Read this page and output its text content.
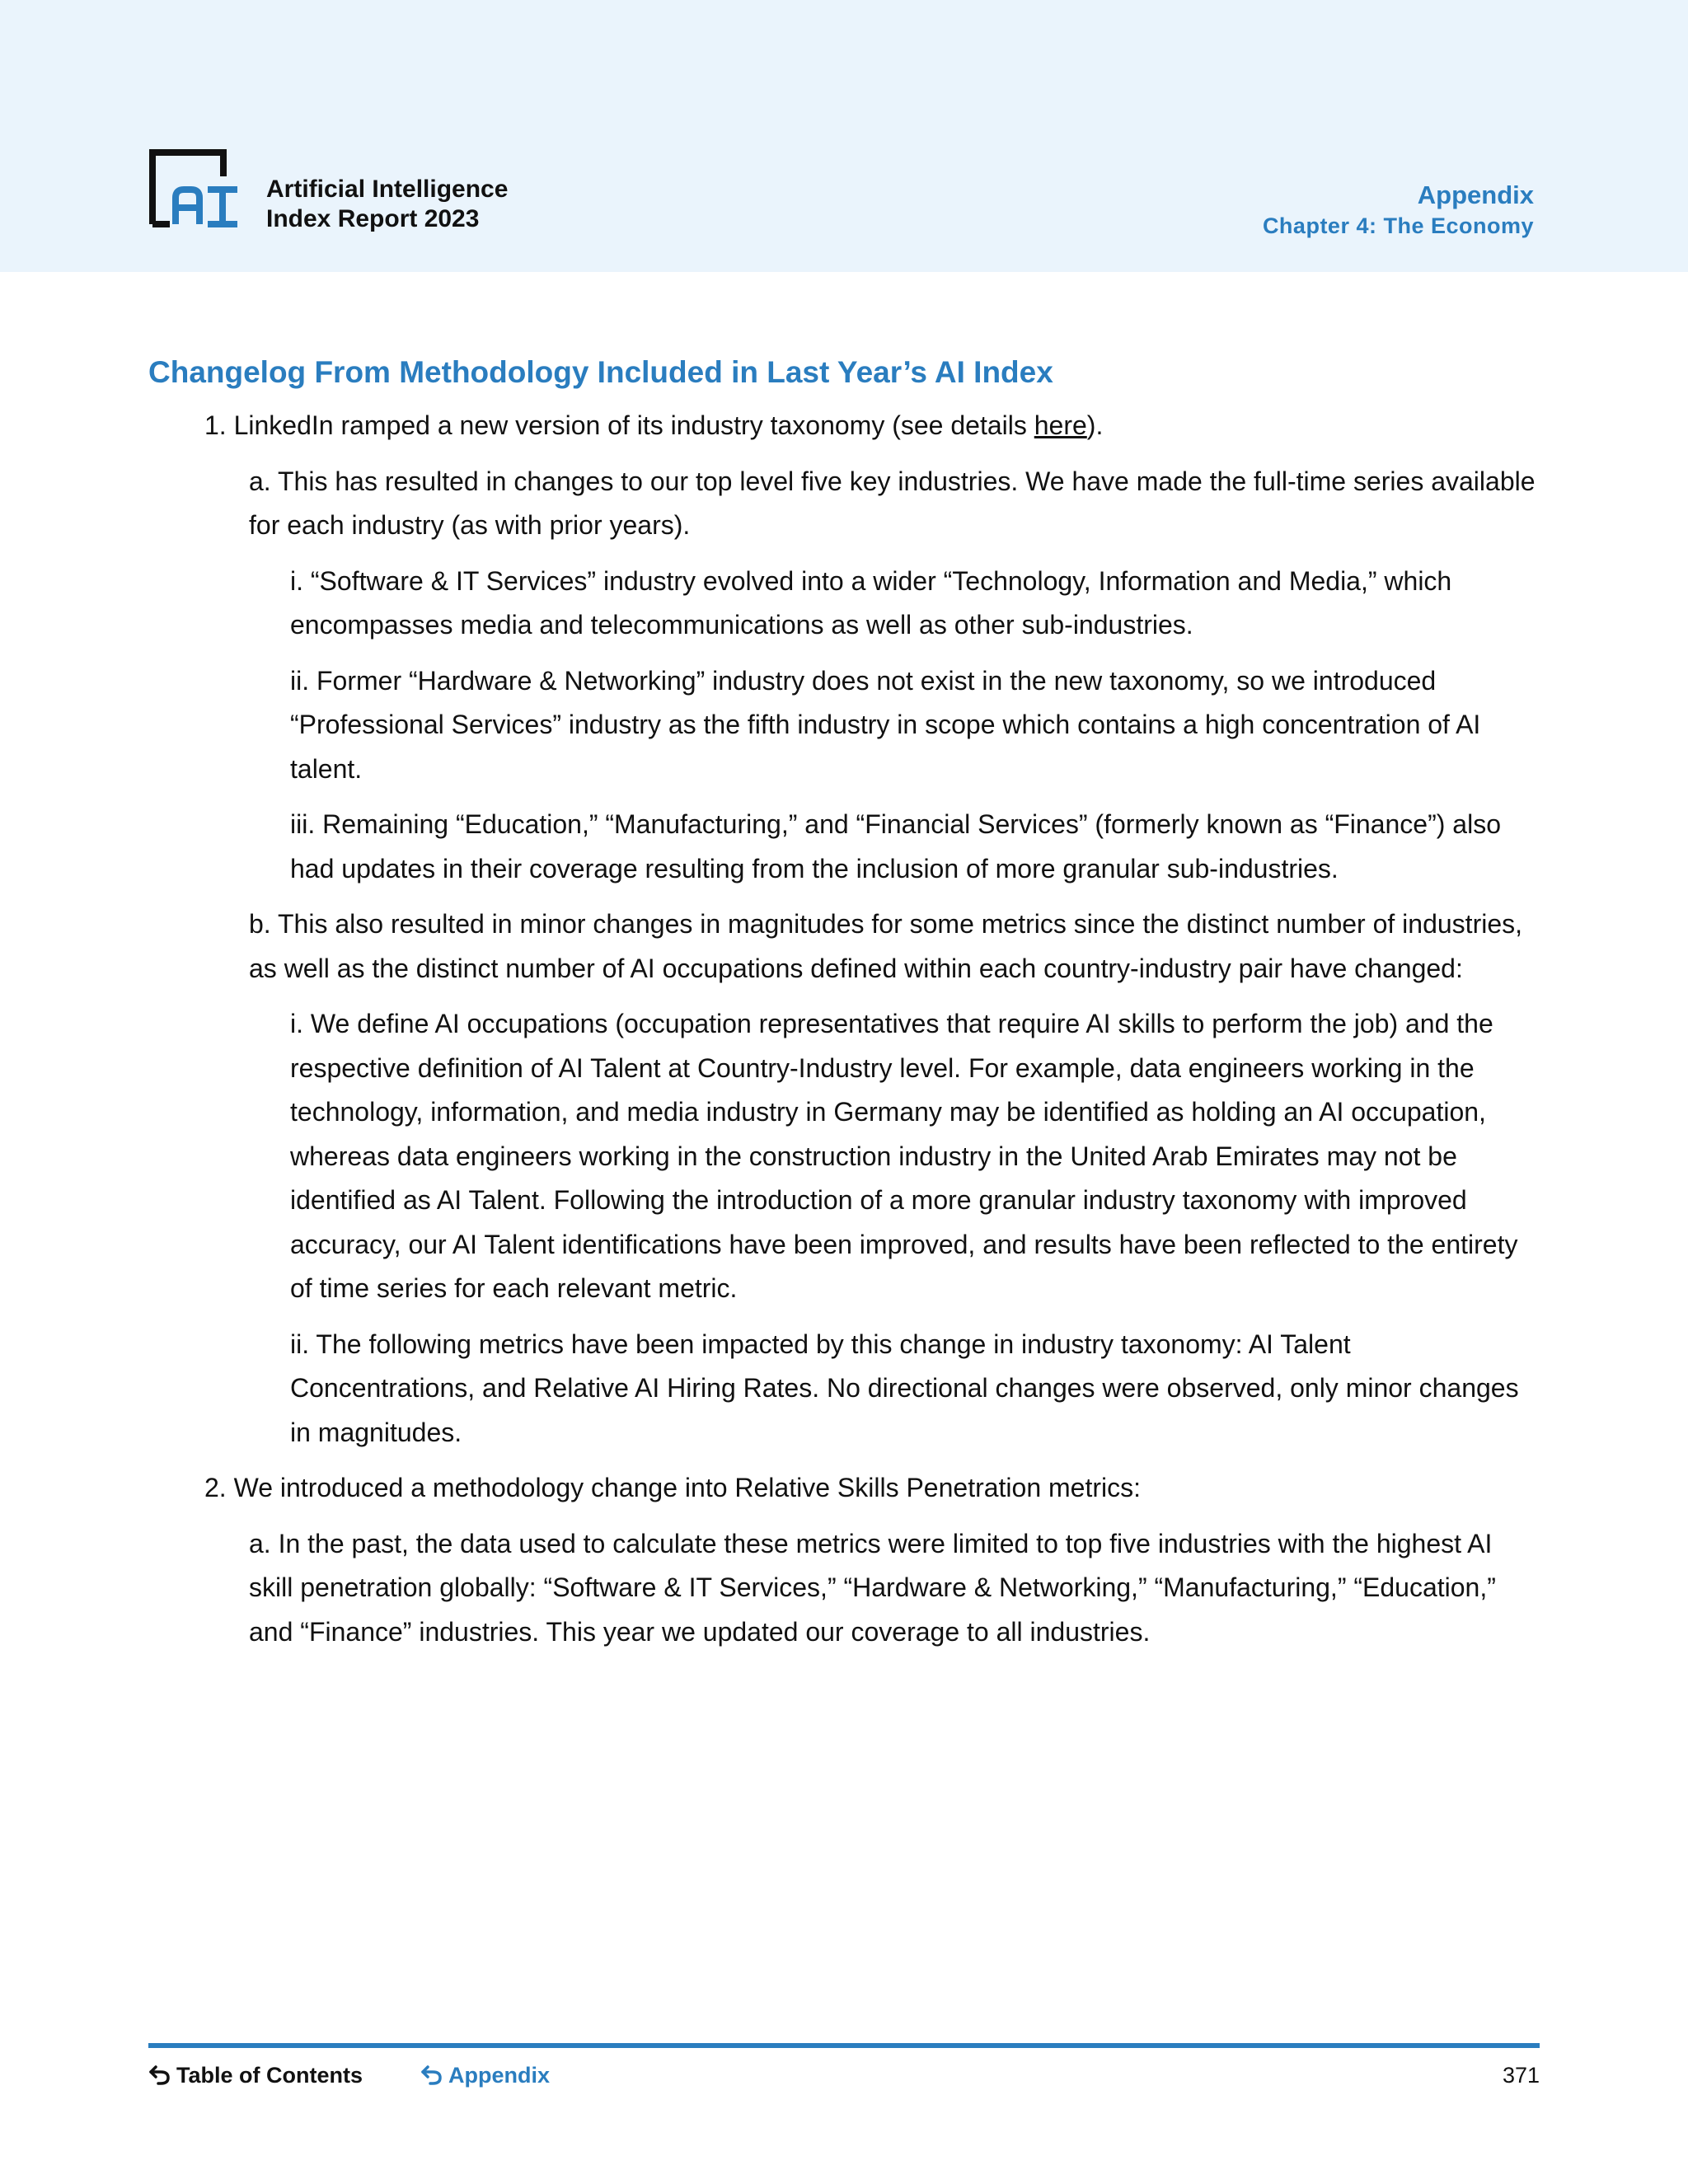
Artificial Intelligence
Index Report 2023
Appendix
Chapter 4: The Economy
Changelog From Methodology Included in Last Year’s AI Index

1. LinkedIn ramped a new version of its industry taxonomy (see details here).

a. This has resulted in changes to our top level five key industries. We have made the full-time series available for each industry (as with prior years).

i. “Software & IT Services” industry evolved into a wider “Technology, Information and Media,” which encompasses media and telecommunications as well as other sub-industries.

ii. Former “Hardware & Networking” industry does not exist in the new taxonomy, so we introduced “Professional Services” industry as the fifth industry in scope which contains a high concentration of AI talent.

iii. Remaining “Education,” “Manufacturing,” and “Financial Services” (formerly known as “Finance”) also had updates in their coverage resulting from the inclusion of more granular sub-industries.

b. This also resulted in minor changes in magnitudes for some metrics since the distinct number of industries, as well as the distinct number of AI occupations defined within each country-industry pair have changed:

i. We define AI occupations (occupation representatives that require AI skills to perform the job) and the respective definition of AI Talent at Country-Industry level. For example, data engineers working in the technology, information, and media industry in Germany may be identified as holding an AI occupation, whereas data engineers working in the construction industry in the United Arab Emirates may not be identified as AI Talent. Following the introduction of a more granular industry taxonomy with improved accuracy, our AI Talent identifications have been improved, and results have been reflected to the entirety of time series for each relevant metric.

ii. The following metrics have been impacted by this change in industry taxonomy: AI Talent Concentrations, and Relative AI Hiring Rates. No directional changes were observed, only minor changes in magnitudes.

2. We introduced a methodology change into Relative Skills Penetration metrics:

a. In the past, the data used to calculate these metrics were limited to top five industries with the highest AI skill penetration globally: “Software & IT Services,” “Hardware & Networking,” “Manufacturing,” “Education,” and “Finance” industries. This year we updated our coverage to all industries.

Table of Contents	Appendix	371
